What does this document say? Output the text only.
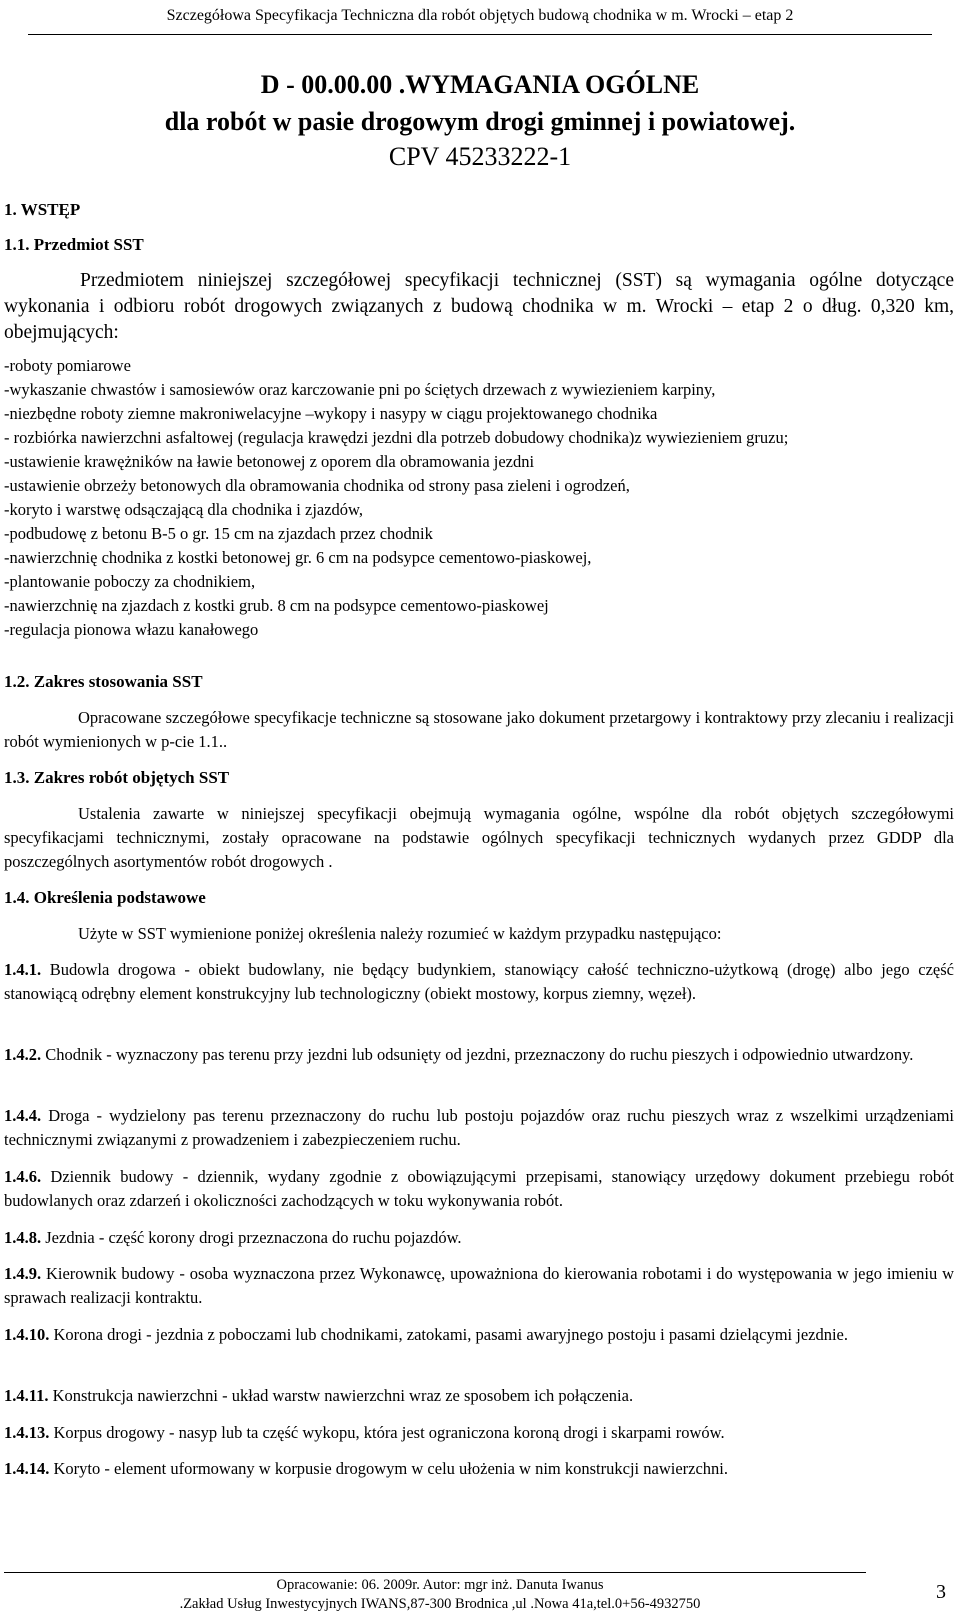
Szczegółowa Specyfikacja Techniczna dla robót objętych budową chodnika w m. Wrocki – etap 2
D - 00.00.00 .WYMAGANIA OGÓLNE
dla robót w pasie drogowym drogi gminnej i powiatowej.
CPV 45233222-1
1. WSTĘP
1.1. Przedmiot SST
Przedmiotem niniejszej szczegółowej specyfikacji technicznej (SST) są wymagania ogólne dotyczące wykonania i odbioru robót drogowych związanych z budową chodnika w m. Wrocki – etap 2 o dług. 0,320 km, obejmujących:
-roboty pomiarowe
-wykaszanie chwastów i samosiewów oraz karczowanie pni po ściętych drzewach z wywiezieniem karpiny,
-niezbędne roboty ziemne makroniwelacyjne –wykopy i nasypy w ciągu projektowanego chodnika
- rozbiórka nawierzchni asfaltowej (regulacja krawędzi jezdni dla potrzeb dobudowy chodnika)z wywiezieniem gruzu;
-ustawienie krawężników na ławie betonowej z oporem dla obramowania jezdni
-ustawienie obrzeży betonowych dla obramowania chodnika od strony pasa zieleni i ogrodzeń,
-koryto i warstwę odsączającą dla chodnika i zjazdów,
-podbudowę z betonu B-5 o gr. 15 cm na zjazdach przez chodnik
-nawierzchnię chodnika z kostki betonowej gr. 6 cm na podsypce cementowo-piaskowej,
-plantowanie poboczy za chodnikiem,
-nawierzchnię na zjazdach z kostki grub. 8 cm na podsypce cementowo-piaskowej
-regulacja pionowa włazu kanałowego
1.2. Zakres stosowania SST
Opracowane szczegółowe specyfikacje techniczne są stosowane jako dokument przetargowy i kontraktowy przy zlecaniu i realizacji robót wymienionych w p-cie 1.1..
1.3. Zakres robót objętych SST
Ustalenia zawarte w niniejszej specyfikacji obejmują wymagania ogólne, wspólne dla robót objętych szczegółowymi specyfikacjami technicznymi, zostały opracowane na podstawie ogólnych specyfikacji technicznych wydanych przez GDDP dla poszczególnych asortymentów robót drogowych .
1.4. Określenia podstawowe
Użyte w SST wymienione poniżej określenia należy rozumieć w każdym przypadku następująco:
1.4.1. Budowla drogowa - obiekt budowlany, nie będący budynkiem, stanowiący całość techniczno-użytkową (drogę) albo jego część stanowiącą odrębny element konstrukcyjny lub technologiczny (obiekt mostowy, korpus ziemny, węzeł).
1.4.2. Chodnik - wyznaczony pas terenu przy jezdni lub odsunięty od jezdni, przeznaczony do ruchu pieszych i odpowiednio utwardzony.
1.4.4. Droga - wydzielony pas terenu przeznaczony do ruchu lub postoju pojazdów oraz ruchu pieszych wraz z wszelkimi urządzeniami technicznymi związanymi z prowadzeniem i zabezpieczeniem ruchu.
1.4.6. Dziennik budowy - dziennik, wydany zgodnie z obowiązującymi przepisami, stanowiący urzędowy dokument przebiegu robót budowlanych oraz zdarzeń i okoliczności zachodzących w toku wykonywania robót.
1.4.8. Jezdnia - część korony drogi przeznaczona do ruchu pojazdów.
1.4.9. Kierownik budowy - osoba wyznaczona przez Wykonawcę, upoważniona do kierowania robotami i do występowania w jego imieniu w sprawach realizacji kontraktu.
1.4.10. Korona drogi - jezdnia z poboczami lub chodnikami, zatokami, pasami awaryjnego postoju i pasami dzielącymi jezdnie.
1.4.11. Konstrukcja nawierzchni - układ warstw nawierzchni wraz ze sposobem ich połączenia.
1.4.13. Korpus drogowy - nasyp lub ta część wykopu, która jest ograniczona koroną drogi i skarpami rowów.
1.4.14. Koryto - element uformowany w korpusie drogowym w celu ułożenia w nim konstrukcji nawierzchni.
Opracowanie: 06. 2009r. Autor: mgr inż. Danuta Iwanus
.Zakład Usług Inwestycyjnych IWANS,87-300 Brodnica ,ul .Nowa 41a,tel.0+56-4932750
3
